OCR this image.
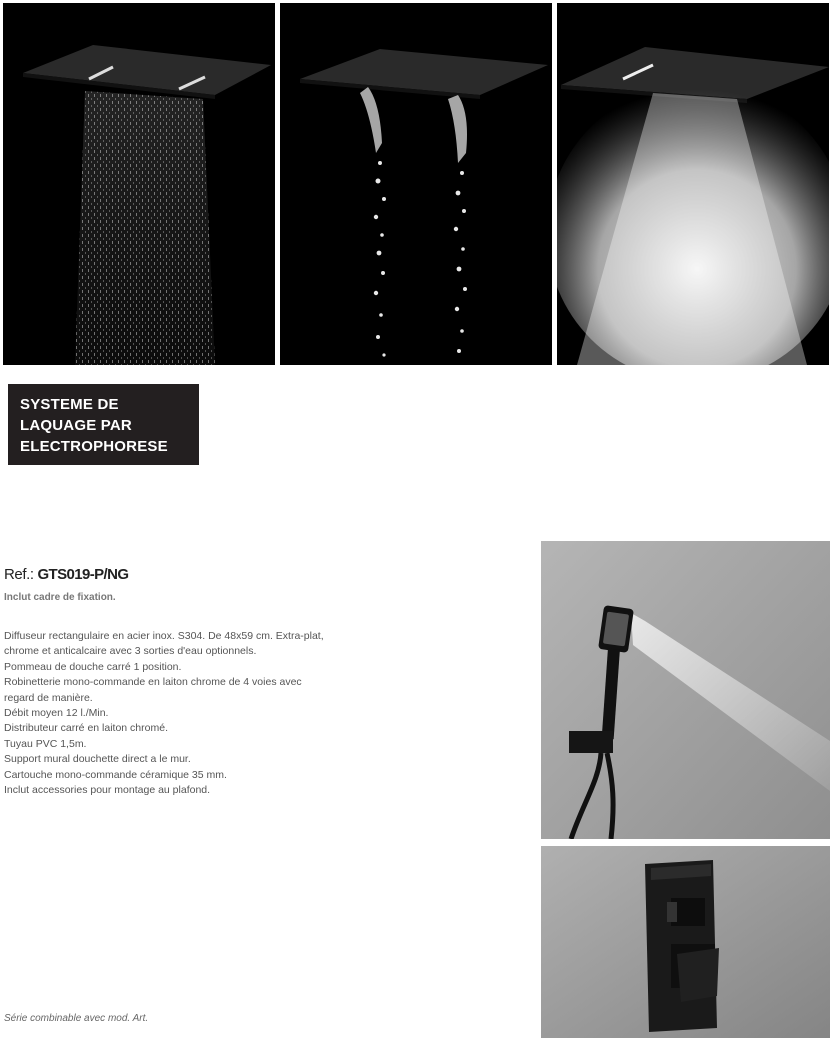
SYSTEME DE
LAQUAGE PAR
ELECTROPHORESE
Ref.: GTS019-P/NG
Inclut cadre de fixation.
Diffuseur rectangulaire en acier inox. S304. De 48x59 cm. Extra-plat,
chrome et anticalcaire avec 3 sorties d'eau optionnels.
Pommeau de douche carré 1 position.
Robinetterie mono-commande en laiton chrome de 4 voies avec
regard de manière.
Débit moyen 12 l./Min.
Distributeur carré en laiton chromé.
Tuyau PVC 1,5m.
Support mural douchette direct a le mur.
Cartouche mono-commande céramique 35 mm.
Inclut accessories pour montage au plafond.
Série combinable avec mod. Art.
